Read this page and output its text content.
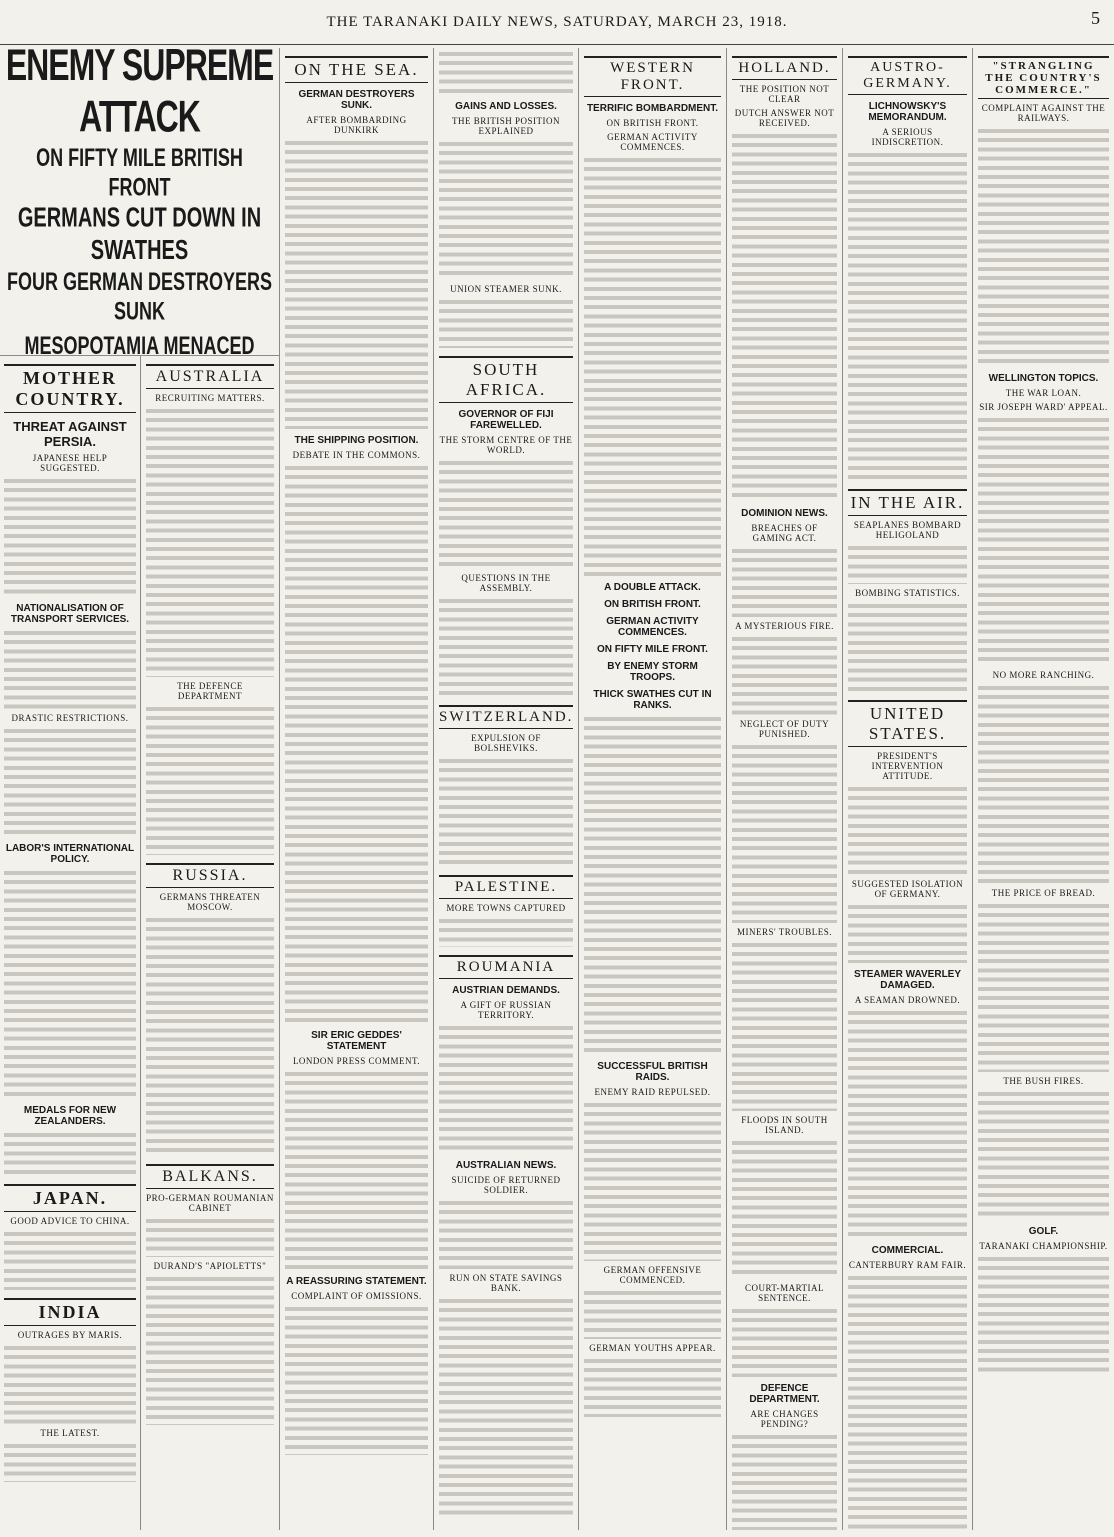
THE TARANAKI DAILY NEWS, SATURDAY, MARCH 23, 1918.	5
ENEMY SUPREME ATTACK
ON FIFTY MILE BRITISH FRONT
GERMANS CUT DOWN IN SWATHES
FOUR GERMAN DESTROYERS SUNK
MESOPOTAMIA MENACED
MOTHER COUNTRY.
THREAT AGAINST PERSIA.
JAPANESE HELP SUGGESTED.

NATIONALISATION OF TRANSPORT SERVICES.

DRASTIC RESTRICTIONS.

LABOR'S INTERNATIONAL POLICY.

MEDALS FOR NEW ZEALANDERS.

JAPAN.
GOOD ADVICE TO CHINA.

INDIA
OUTRAGES BY MARIS.

THE LATEST.

AUSTRALIA
RECRUITING MATTERS.

THE DEFENCE DEPARTMENT

RUSSIA.
GERMANS THREATEN MOSCOW.

BALKANS.
PRO-GERMAN ROUMANIAN CABINET

DURAND'S "APIOLETTS"

ON THE SEA.
GERMAN DESTROYERS SUNK.
AFTER BOMBARDING DUNKIRK

THE SHIPPING POSITION.
DEBATE IN THE COMMONS.

SIR ERIC GEDDES' STATEMENT
LONDON PRESS COMMENT.

A REASSURING STATEMENT.
COMPLAINT OF OMISSIONS.

GAINS AND LOSSES.
THE BRITISH POSITION EXPLAINED

UNION STEAMER SUNK.

SOUTH AFRICA.
GOVERNOR OF FIJI FAREWELLED.
THE STORM CENTRE OF THE WORLD.

QUESTIONS IN THE ASSEMBLY.

SWITZERLAND.
EXPULSION OF BOLSHEVIKS.

PALESTINE.
MORE TOWNS CAPTURED

ROUMANIA
AUSTRIAN DEMANDS.
A GIFT OF RUSSIAN TERRITORY.

AUSTRALIAN NEWS.
SUICIDE OF RETURNED SOLDIER.

RUN ON STATE SAVINGS BANK.

WESTERN FRONT.
TERRIFIC BOMBARDMENT.
ON BRITISH FRONT.
GERMAN ACTIVITY COMMENCES.

A DOUBLE ATTACK.
ON BRITISH FRONT.
GERMAN ACTIVITY COMMENCES.
ON FIFTY MILE FRONT.
BY ENEMY STORM TROOPS.
THICK SWATHES CUT IN RANKS.

SUCCESSFUL BRITISH RAIDS.
ENEMY RAID REPULSED.

GERMAN OFFENSIVE COMMENCED.

GERMAN YOUTHS APPEAR.

HOLLAND.
THE POSITION NOT CLEAR
DUTCH ANSWER NOT RECEIVED.

DOMINION NEWS.
BREACHES OF GAMING ACT.

A MYSTERIOUS FIRE.

NEGLECT OF DUTY PUNISHED.

MINERS' TROUBLES.

FLOODS IN SOUTH ISLAND.

COURT-MARTIAL SENTENCE.

DEFENCE DEPARTMENT.
ARE CHANGES PENDING?

AUSTRO-GERMANY.
LICHNOWSKY'S MEMORANDUM.
A SERIOUS INDISCRETION.

IN THE AIR.
SEAPLANES BOMBARD HELIGOLAND

BOMBING STATISTICS.

UNITED STATES.
PRESIDENT'S INTERVENTION ATTITUDE.

SUGGESTED ISOLATION OF GERMANY.

STEAMER WAVERLEY DAMAGED.
A SEAMAN DROWNED.

COMMERCIAL.
CANTERBURY RAM FAIR.

"STRANGLING THE COUNTRY'S COMMERCE."
COMPLAINT AGAINST THE RAILWAYS.

WELLINGTON TOPICS.
THE WAR LOAN.
SIR JOSEPH WARD' APPEAL.

NO MORE RANCHING.

THE PRICE OF BREAD.

THE BUSH FIRES.

GOLF.
TARANAKI CHAMPIONSHIP.
